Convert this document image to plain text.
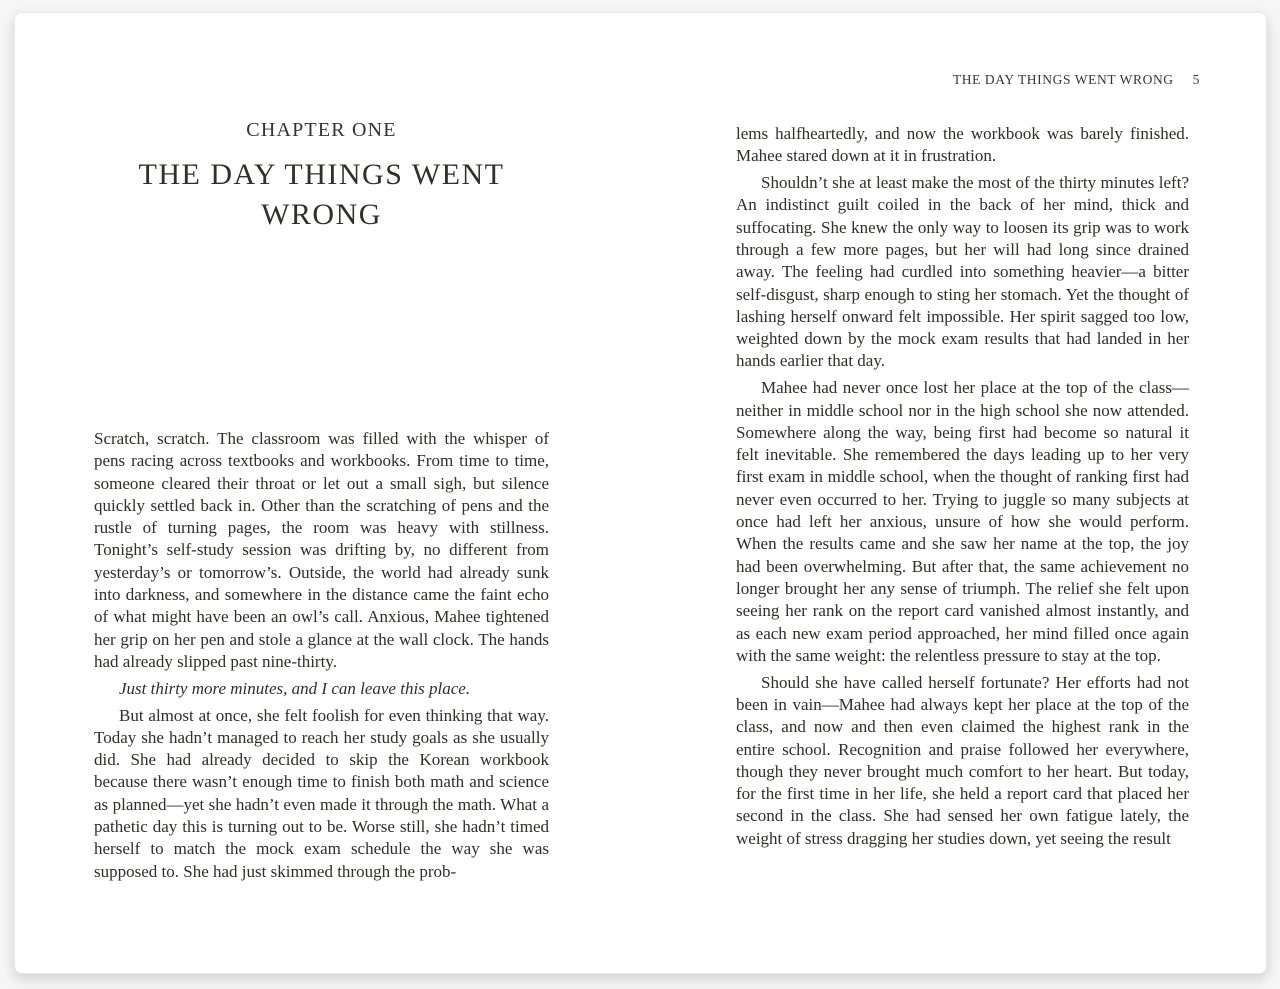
THE DAY THINGS WENT WRONG 5
CHAPTER ONE
THE DAY THINGS WENT WRONG

Scratch, scratch. The classroom was filled with the whisper of pens racing across textbooks and workbooks. From time to time, someone cleared their throat or let out a small sigh, but silence quickly settled back in. Other than the scratching of pens and the rustle of turning pages, the room was heavy with stillness. Tonight’s self-study session was drifting by, no different from yesterday’s or tomorrow’s. Outside, the world had already sunk into darkness, and somewhere in the distance came the faint echo of what might have been an owl’s call. Anxious, Mahee tightened her grip on her pen and stole a glance at the wall clock. The hands had already slipped past nine-thirty.

Just thirty more minutes, and I can leave this place.

But almost at once, she felt foolish for even thinking that way. Today she hadn’t managed to reach her study goals as she usually did. She had already decided to skip the Korean workbook because there wasn’t enough time to finish both math and science as planned—yet she hadn’t even made it through the math. What a pathetic day this is turning out to be. Worse still, she hadn’t timed herself to match the mock exam schedule the way she was supposed to. She had just skimmed through the prob-

lems halfheartedly, and now the workbook was barely finished. Mahee stared down at it in frustration.

Shouldn’t she at least make the most of the thirty minutes left? An indistinct guilt coiled in the back of her mind, thick and suffocating. She knew the only way to loosen its grip was to work through a few more pages, but her will had long since drained away. The feeling had curdled into something heavier—a bitter self-disgust, sharp enough to sting her stomach. Yet the thought of lashing herself onward felt impossible. Her spirit sagged too low, weighted down by the mock exam results that had landed in her hands earlier that day.

Mahee had never once lost her place at the top of the class—neither in middle school nor in the high school she now attended. Somewhere along the way, being first had become so natural it felt inevitable. She remembered the days leading up to her very first exam in middle school, when the thought of ranking first had never even occurred to her. Trying to juggle so many subjects at once had left her anxious, unsure of how she would perform. When the results came and she saw her name at the top, the joy had been overwhelming. But after that, the same achievement no longer brought her any sense of triumph. The relief she felt upon seeing her rank on the report card vanished almost instantly, and as each new exam period approached, her mind filled once again with the same weight: the relentless pressure to stay at the top.

Should she have called herself fortunate? Her efforts had not been in vain—Mahee had always kept her place at the top of the class, and now and then even claimed the highest rank in the entire school. Recognition and praise followed her everywhere, though they never brought much comfort to her heart. But today, for the first time in her life, she held a report card that placed her second in the class. She had sensed her own fatigue lately, the weight of stress dragging her studies down, yet seeing the result
